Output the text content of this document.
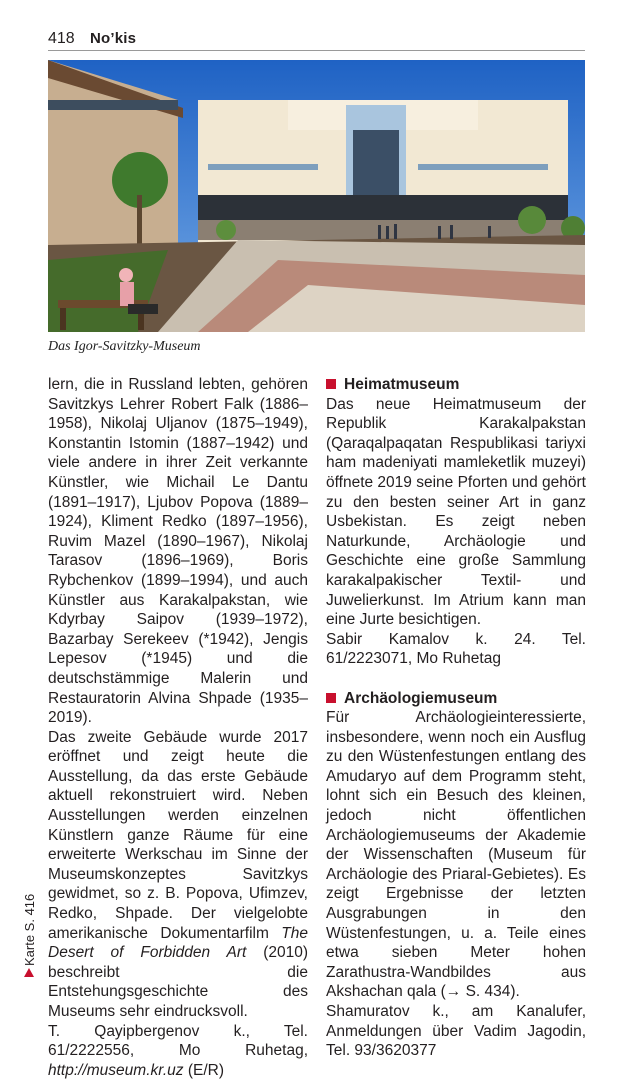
418 No’kis
Das Igor-Savitzky-Museum

lern, die in Russland lebten, gehören Savitzkys Lehrer Robert Falk (1886–1958), Nikolaj Uljanov (1875–1949), Konstantin Istomin (1887–1942) und viele andere in ihrer Zeit verkannte Künstler, wie Michail Le Dantu (1891–1917), Ljubov Popova (1889–1924), Kliment Redko (1897–1956), Ruvim Mazel (1890–1967), Nikolaj Tarasov (1896–1969), Boris Rybchenkov (1899–1994), und auch Künstler aus Karakalpakstan, wie Kdyrbay Saipov (1939–1972), Bazarbay Serekeev (*1942), Jengis Lepesov (*1945) und die deutschstämmige Malerin und Restauratorin Alvina Shpade (1935–2019).

Das zweite Gebäude wurde 2017 eröffnet und zeigt heute die Ausstellung, da das erste Gebäude aktuell rekonstruiert wird. Neben Ausstellungen werden einzelnen Künstlern ganze Räume für eine erweiterte Werkschau im Sinne der Museumskonzeptes Savitzkys gewidmet, so z. B. Popova, Ufimzev, Redko, Shpade. Der vielgelobte amerikanische Dokumentarfilm The Desert of Forbidden Art (2010) beschreibt die Entstehungsgeschichte des Museums sehr eindrucksvoll.

T. Qayipbergenov k., Tel. 61/2222556, Mo Ruhetag, http://museum.kr.uz (E/R)

Heimatmuseum

Das neue Heimatmuseum der Republik Karakalpakstan (Qaraqalpaqatan Respublikasi tariyxi ham madeniyati mamleketlik muzeyi) öffnete 2019 seine Pforten und gehört zu den besten seiner Art in ganz Usbekistan. Es zeigt neben Naturkunde, Archäologie und Geschichte eine große Sammlung karakalpakischer Textil- und Juwelierkunst. Im Atrium kann man eine Jurte besichtigen.

Sabir Kamalov k. 24. Tel. 61/2223071, Mo Ruhetag

Archäologiemuseum

Für Archäologieinteressierte, insbesondere, wenn noch ein Ausflug zu den Wüstenfestungen entlang des Amudaryo auf dem Programm steht, lohnt sich ein Besuch des kleinen, jedoch nicht öffentlichen Archäologiemuseums der Akademie der Wissenschaften (Museum für Archäologie des Priaral-Gebietes). Es zeigt Ergebnisse der letzten Ausgrabungen in den Wüstenfestungen, u. a. Teile eines etwa sieben Meter hohen Zarathustra-Wandbildes aus Akshachan qala (→ S. 434).

Shamuratov k., am Kanalufer, Anmeldungen über Vadim Jagodin, Tel. 93/3620377

Karte S. 416
